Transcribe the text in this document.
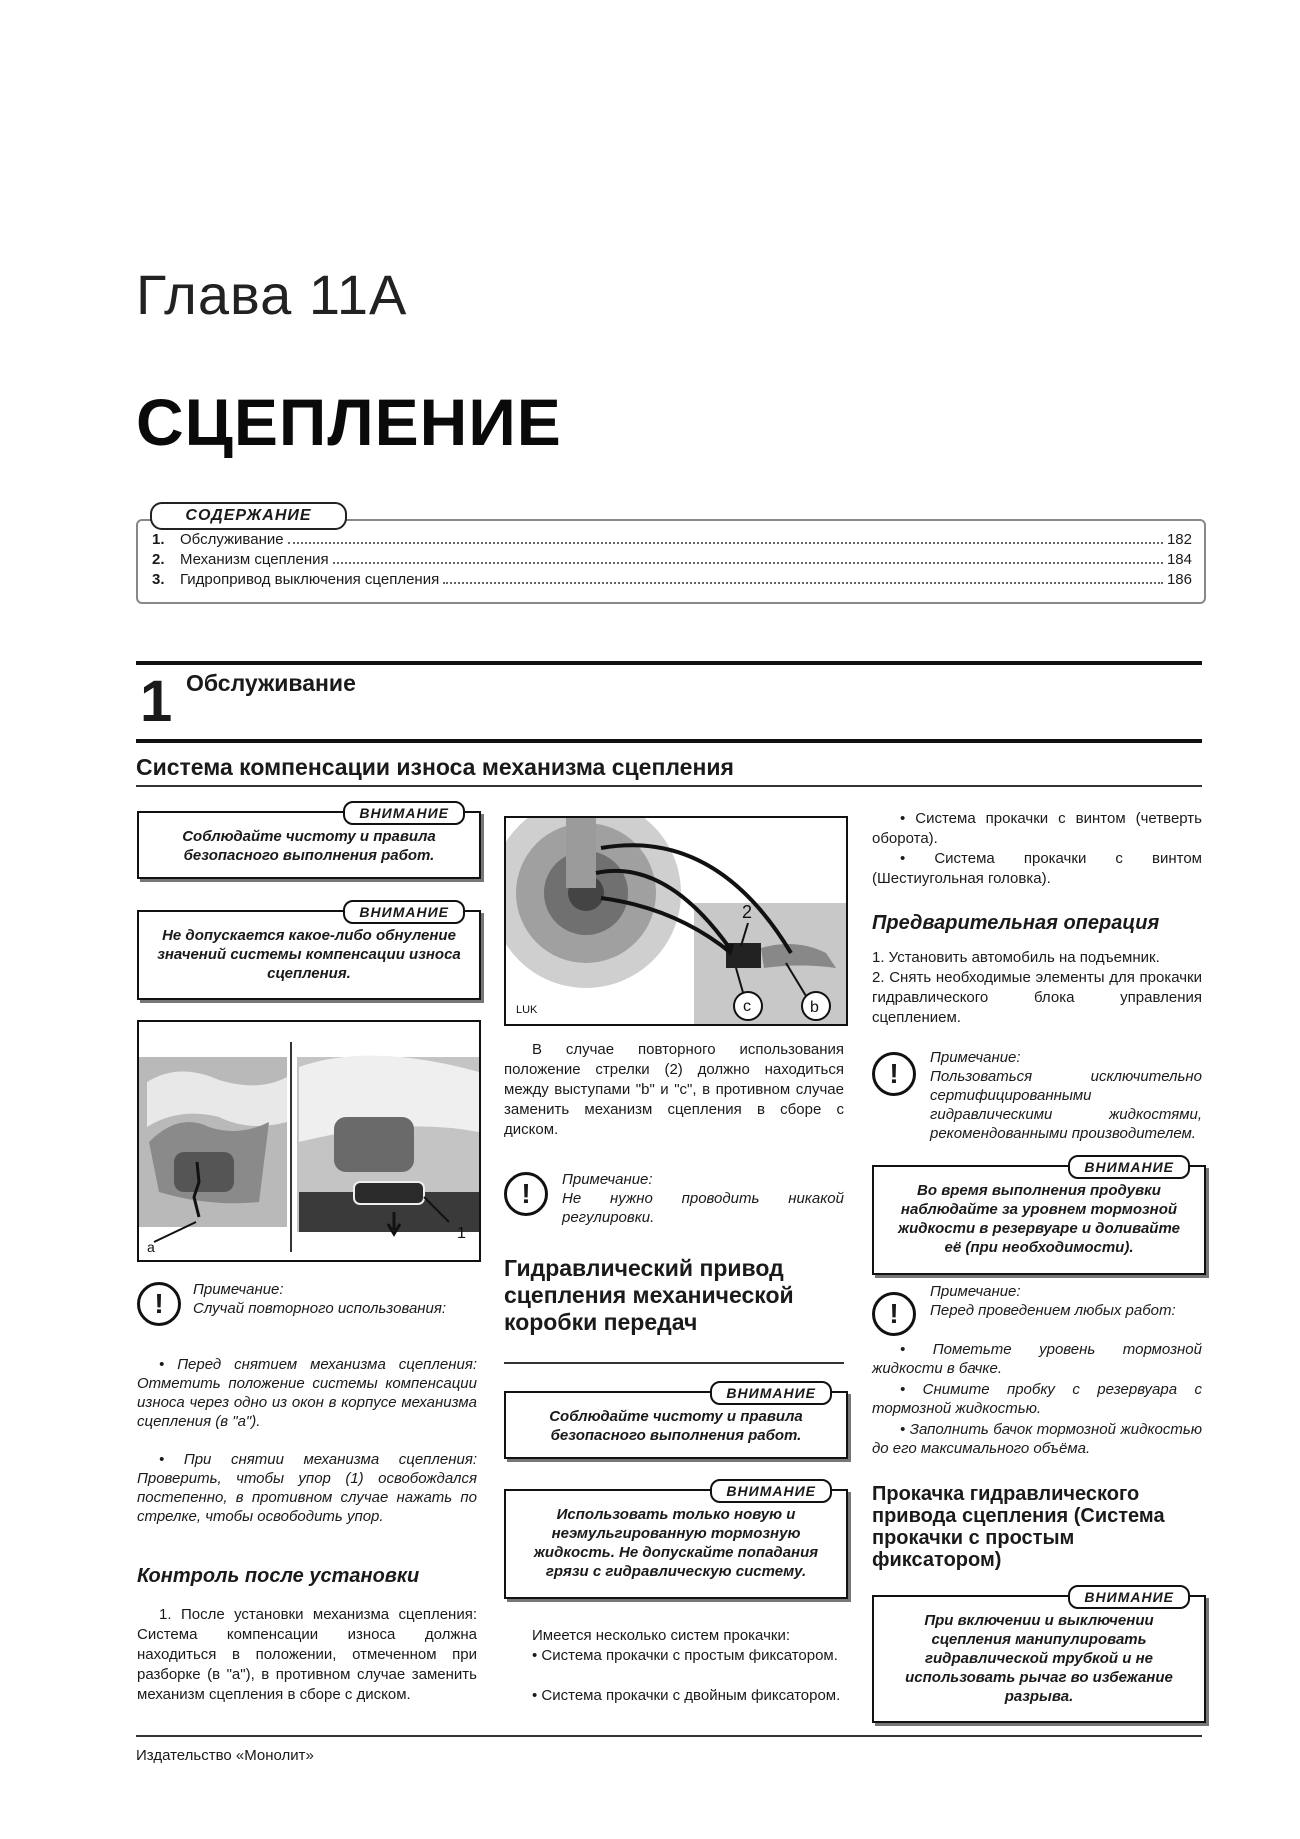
Глава 11А
СЦЕПЛЕНИЕ
СОДЕРЖАНИЕ
1.	Обслуживание	182
2.	Механизм сцепления	184
3.	Гидропривод выключения сцепления	186
1 Обслуживание
Система компенсации износа механизма сцепления
ВНИМАНИЕ
Соблюдайте чистоту и правила безопасного выполнения работ.
ВНИМАНИЕ
Не допускается какое-либо обнуление значений системы компенсации износа сцепления.
a
1
!	Примечание:
Случай повторного использования:
• Перед снятием механизма сцепления: Отметить положение системы компенсации износа через одно из окон в корпусе механизма сцепления (в "а").
• При снятии механизма сцепления: Проверить, чтобы упор (1) освобождался постепенно, в противном случае нажать по стрелке, чтобы освободить упор.
Контроль после установки
1. После установки механизма сцепления: Система компенсации износа должна находиться в положении, отмеченном при разборке (в "а"), в противном случае заменить механизм сцепления в сборе с диском.
2
c	b
LUK
В случае повторного использования положение стрелки (2) должно находиться между выступами "b" и "c", в противном случае заменить механизм сцепления в сборе с диском.
!	Примечание:
Не нужно проводить никакой регулировки.
Гидравлический привод сцепления механической коробки передач
ВНИМАНИЕ
Соблюдайте чистоту и правила безопасного выполнения работ.
ВНИМАНИЕ
Использовать только новую и неэмульгированную тормозную жидкость. Не допускайте попадания грязи с гидравлическую систему.
Имеется несколько систем прокачки:
• Система прокачки с простым фиксатором.
• Система прокачки с двойным фиксатором.
• Система прокачки с винтом (четверть оборота).
• Система прокачки с винтом (Шестиугольная головка).
Предварительная операция
1. Установить автомобиль на подъемник.
2. Снять необходимые элементы для прокачки гидравлического блока управления сцеплением.
!
Примечание:
Пользоваться исключительно сертифицированными гидравлическими жидкостями, рекомендованными производителем.
ВНИМАНИЕ
Во время выполнения продувки наблюдайте за уровнем тормозной жидкости в резервуаре и доливайте её (при необходимости).
!
Примечание:
Перед проведением любых работ:
• Пометьте уровень тормозной жидкости в бачке.
• Снимите пробку с резервуара с тормозной жидкостью.
• Заполнить бачок тормозной жидкостью до его максимального объёма.
Прокачка гидравлического привода сцепления (Система прокачки с простым фиксатором)
ВНИМАНИЕ
При включении и выключении сцепления манипулировать гидравлической трубкой и не использовать рычаг во избежание разрыва.
Издательство «Монолит»
